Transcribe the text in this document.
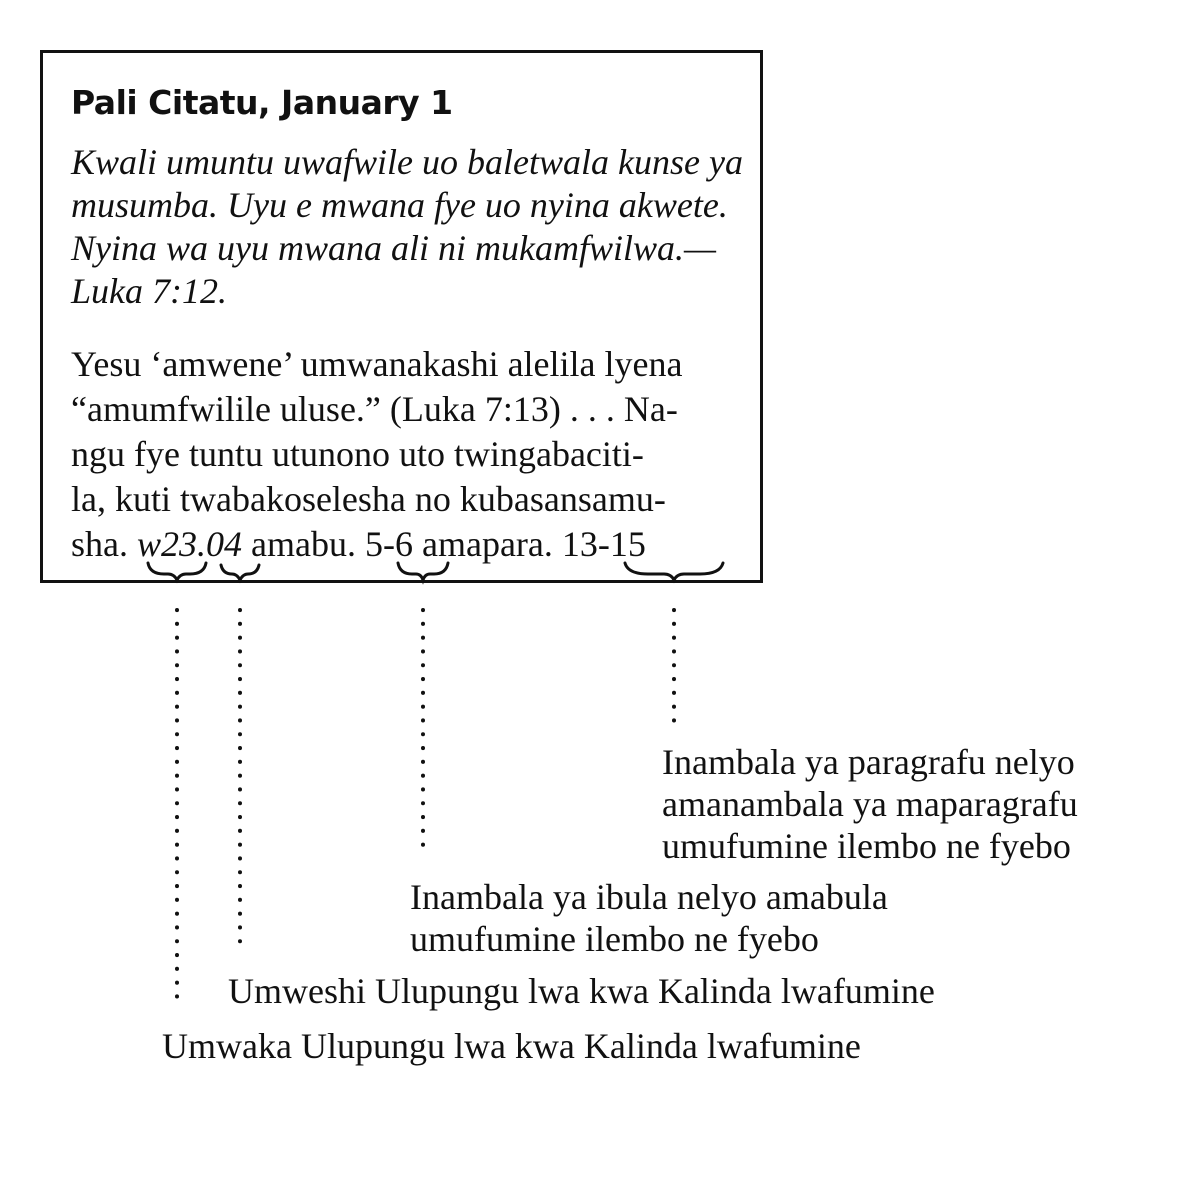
Pali Citatu, January 1
Kwali umuntu uwafwile uo baletwala kunse ya musumba. Uyu e mwana fye uo nyina akwete. Nyina wa uyu mwana ali ni mukamfwilwa.—Luka 7:12.
Yesu ‘amwene’ umwanakashi alelila lyena
“amumfwilile uluse.” (Luka 7:13) . . . Na-
ngu fye tuntu utunono uto twingabaciti-
la, kuti twabakoselesha no kubasansamu-
sha. w23.04 amabu. 5-6 amapara. 13-15
Inambala ya paragrafu nelyo
amanambala ya maparagrafu
umufumine ilembo ne fyebo
Inambala ya ibula nelyo amabula
umufumine ilembo ne fyebo
Umweshi Ulupungu lwa kwa Kalinda lwafumine
Umwaka Ulupungu lwa kwa Kalinda lwafumine
